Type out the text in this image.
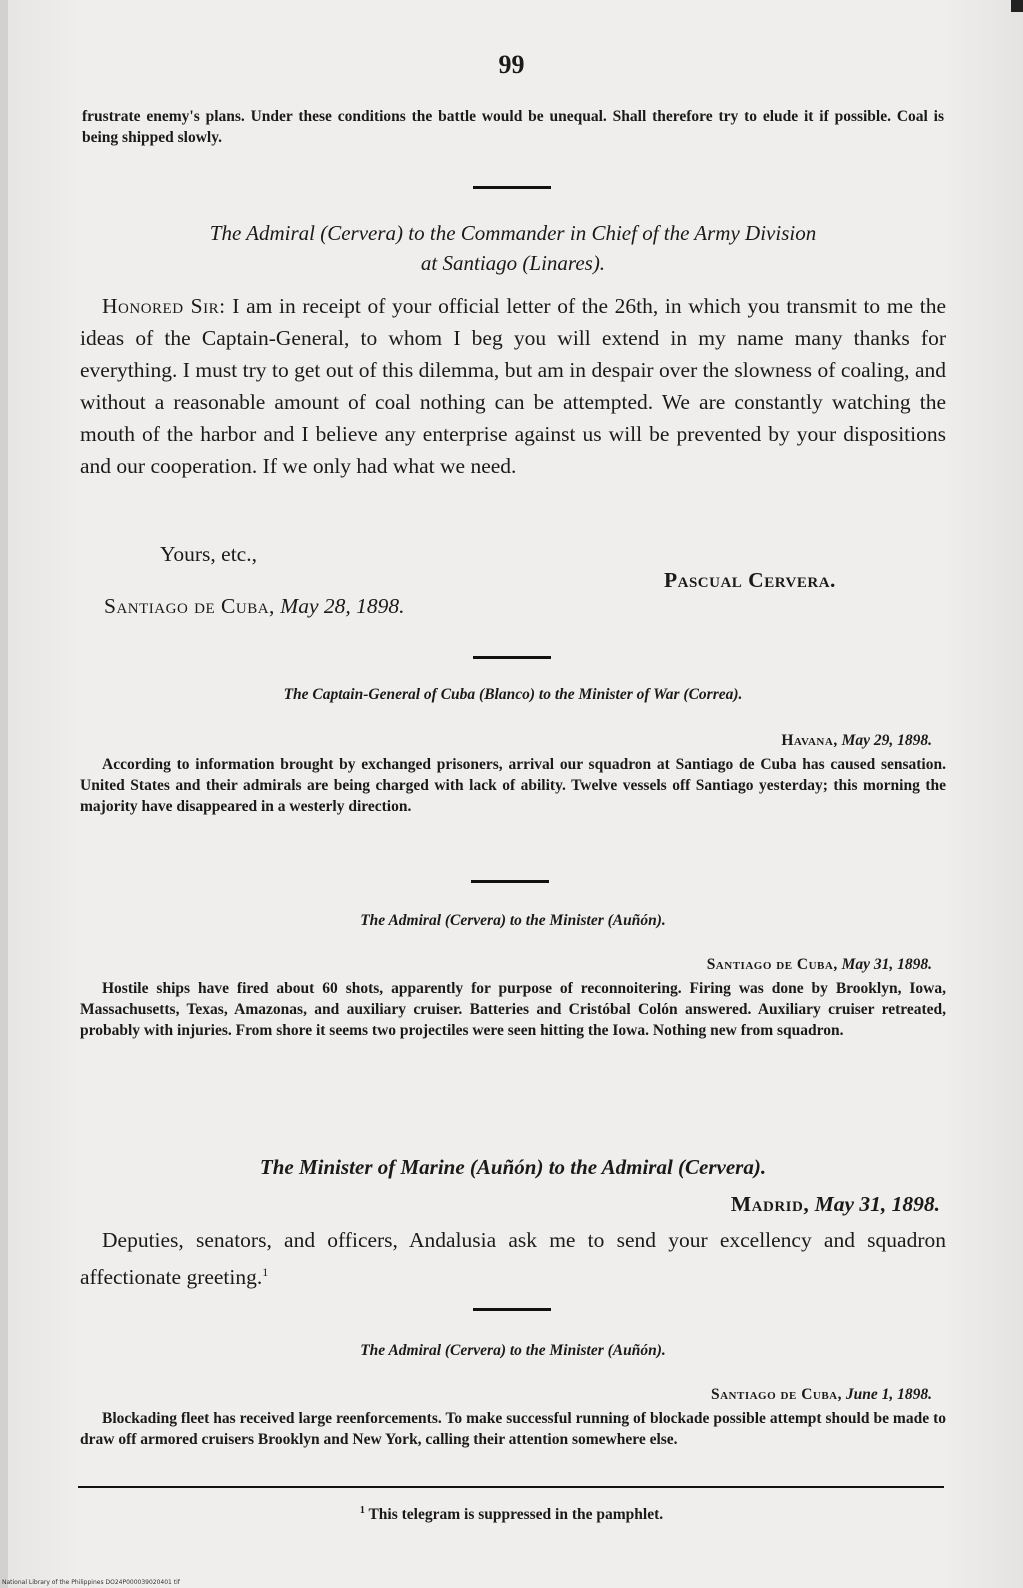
99

frustrate enemy's plans. Under these conditions the battle would be unequal. Shall therefore try to elude it if possible. Coal is being shipped slowly.

The Admiral (Cervera) to the Commander in Chief of the Army Division
at Santiago (Linares).

Honored Sir: I am in receipt of your official letter of the 26th, in which you transmit to me the ideas of the Captain-General, to whom I beg you will extend in my name many thanks for everything. I must try to get out of this dilemma, but am in despair over the slowness of coaling, and without a reasonable amount of coal nothing can be attempted. We are constantly watching the mouth of the harbor and I believe any enterprise against us will be prevented by your dispositions and our cooperation. If we only had what we need.

Yours, etc.,
Pascual Cervera.
Santiago de Cuba, May 28, 1898.
The Captain-General of Cuba (Blanco) to the Minister of War (Correa).
Havana, May 29, 1898.

According to information brought by exchanged prisoners, arrival our squadron at Santiago de Cuba has caused sensation. United States and their admirals are being charged with lack of ability. Twelve vessels off Santiago yesterday; this morning the majority have disappeared in a westerly direction.

The Admiral (Cervera) to the Minister (Auñón).
Santiago de Cuba, May 31, 1898.

Hostile ships have fired about 60 shots, apparently for purpose of reconnoitering. Firing was done by Brooklyn, Iowa, Massachusetts, Texas, Amazonas, and auxiliary cruiser. Batteries and Cristóbal Colón answered. Auxiliary cruiser retreated, probably with injuries. From shore it seems two projectiles were seen hitting the Iowa. Nothing new from squadron.

The Minister of Marine (Auñón) to the Admiral (Cervera).
Madrid, May 31, 1898.

Deputies, senators, and officers, Andalusia ask me to send your excellency and squadron affectionate greeting.$^1$

The Admiral (Cervera) to the Minister (Auñón).
Santiago de Cuba, June 1, 1898.

Blockading fleet has received large reenforcements. To make successful running of blockade possible attempt should be made to draw off armored cruisers Brooklyn and New York, calling their attention somewhere else.

$^1$ This telegram is suppressed in the pamphlet.
National Library of the Philippines DO24P000039020401 tif
